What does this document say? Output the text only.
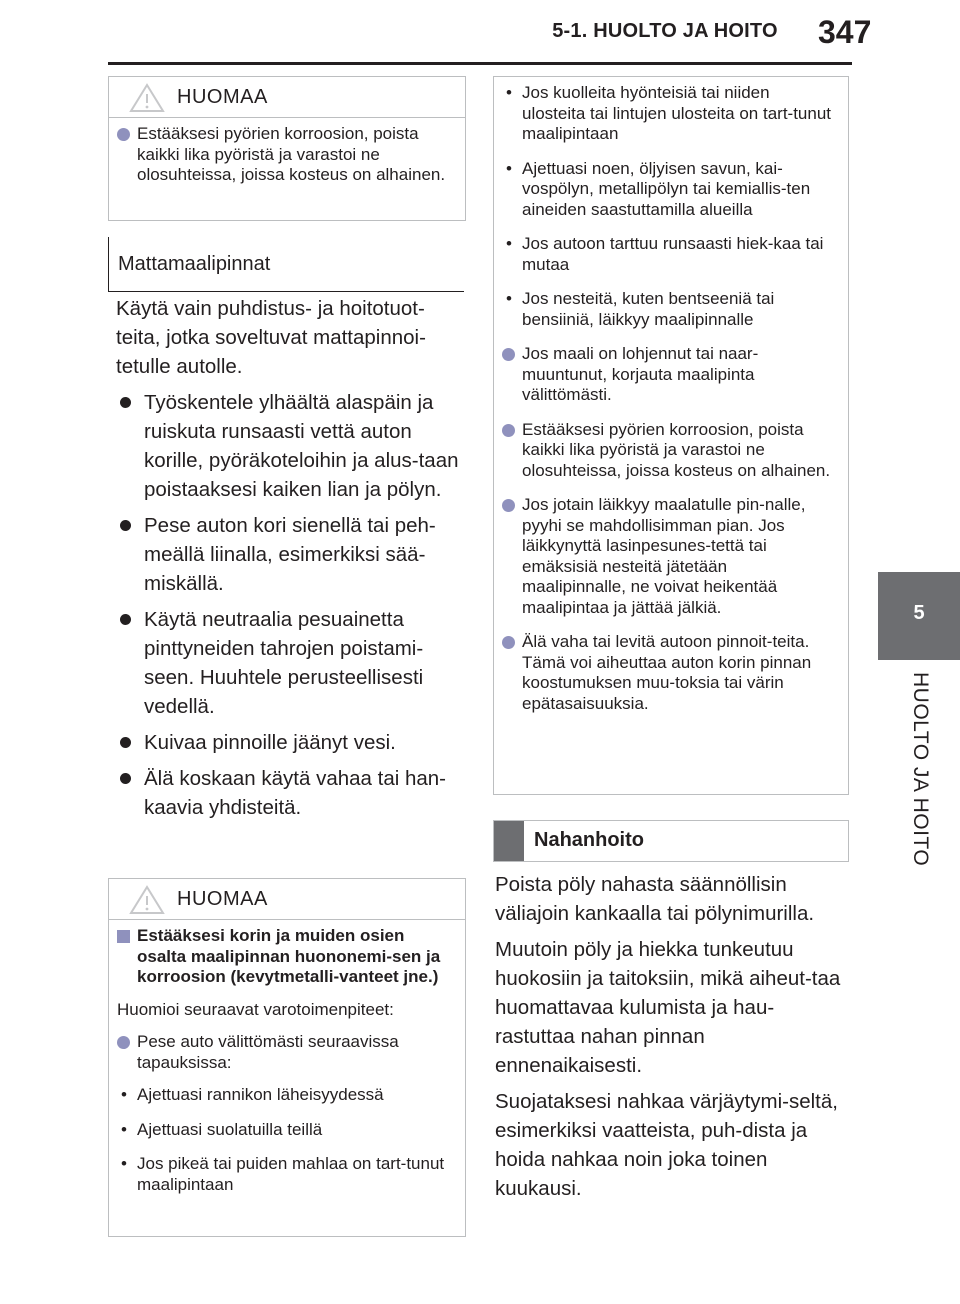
5-1. HUOLTO JA HOITO	347
5
HUOLTO JA HOITO
HUOMAA
Estääksesi pyörien korroosion, poista kaikki lika pyöristä ja varastoi ne olosuhteissa, joissa kosteus on alhainen.
Mattamaalipinnat
Käytä vain puhdistus- ja hoitotuot-teita, jotka soveltuvat mattapinnoi-tetulle autolle.
Työskentele ylhäältä alaspäin ja ruiskuta runsaasti vettä auton korille, pyöräkoteloihin ja alus-taan poistaaksesi kaiken lian ja pölyn.
Pese auton kori sienellä tai peh-meällä liinalla, esimerkiksi sää-miskällä.
Käytä neutraalia pesuainetta pinttyneiden tahrojen poistami-seen. Huuhtele perusteellisesti vedellä.
Kuivaa pinnoille jäänyt vesi.
Älä koskaan käytä vahaa tai han-kaavia yhdisteitä.
HUOMAA
Estääksesi korin ja muiden osien osalta maalipinnan huononemi-sen ja korroosion (kevytmetalli-vanteet jne.)
Huomioi seuraavat varotoimenpiteet:
Pese auto välittömästi seuraavissa tapauksissa:
• Ajettuasi rannikon läheisyydessä
• Ajettuasi suolatuilla teillä
• Jos pikeä tai puiden mahlaa on tart-tunut maalipintaan
• Jos kuolleita hyönteisiä tai niiden ulosteita tai lintujen ulosteita on tart-tunut maalipintaan
• Ajettuasi noen, öljyisen savun, kai-vospölyn, metallipölyn tai kemiallis-ten aineiden saastuttamilla alueilla
• Jos autoon tarttuu runsaasti hiek-kaa tai mutaa
• Jos nesteitä, kuten bentseeniä tai bensiiniä, läikkyy maalipinnalle
Jos maali on lohjennut tai naar-muuntunut, korjauta maalipinta välittömästi.
Estääksesi pyörien korroosion, poista kaikki lika pyöristä ja varastoi ne olosuhteissa, joissa kosteus on alhainen.
Jos jotain läikkyy maalatulle pin-nalle, pyyhi se mahdollisimman pian. Jos läikkynyttä lasinpesunes-tettä tai emäksisiä nesteitä jätetään maalipinnalle, ne voivat heikentää maalipintaa ja jättää jälkiä.
Älä vaha tai levitä autoon pinnoit-teita. Tämä voi aiheuttaa auton korin pinnan koostumuksen muu-toksia tai värin epätasaisuuksia.
Nahanhoito
Poista pöly nahasta säännöllisin väliajoin kankaalla tai pölynimurilla.
Muutoin pöly ja hiekka tunkeutuu huokosiin ja taitoksiin, mikä aiheut-taa huomattavaa kulumista ja hau-rastuttaa nahan pinnan ennenaikaisesti.
Suojataksesi nahkaa värjäytymi-seltä, esimerkiksi vaatteista, puh-dista ja hoida nahkaa noin joka toinen kuukausi.
